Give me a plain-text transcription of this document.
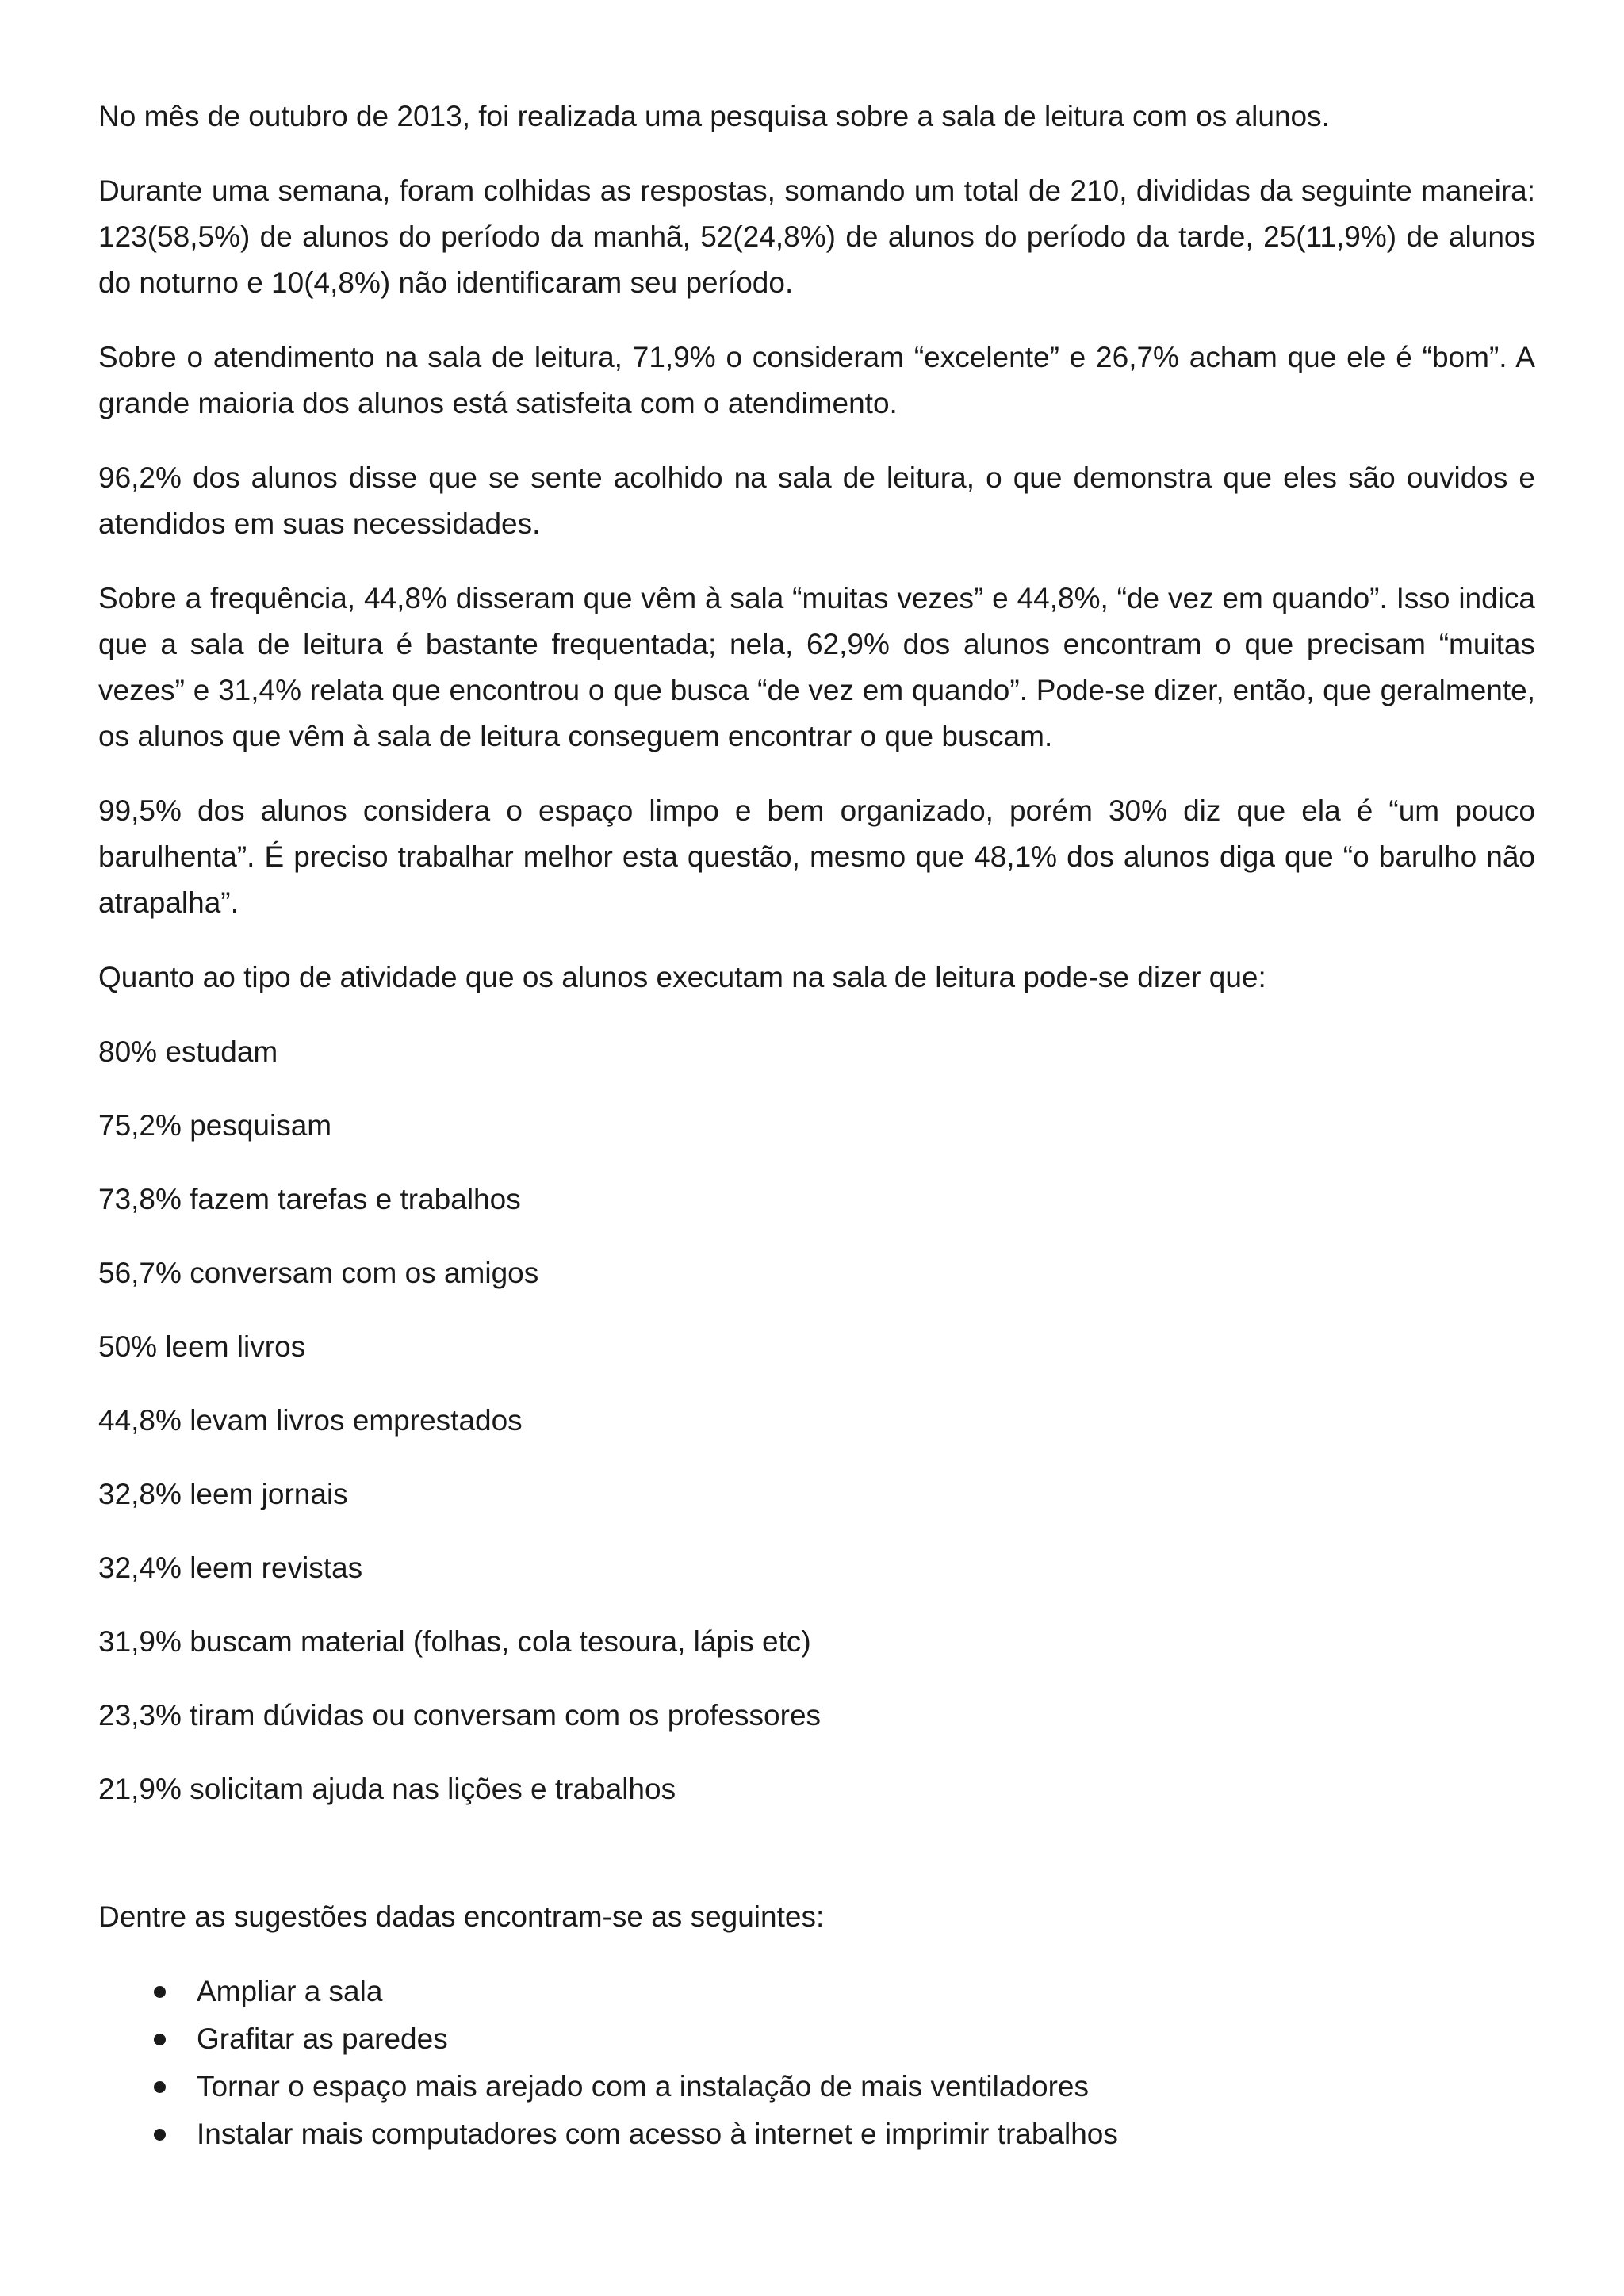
No mês de outubro de 2013, foi realizada uma pesquisa sobre a sala de leitura com os alunos.

Durante uma semana, foram colhidas as respostas, somando um total de 210, divididas da seguinte maneira: 123(58,5%) de alunos do período da manhã, 52(24,8%) de alunos do período da tarde, 25(11,9%) de alunos do noturno e 10(4,8%) não identificaram seu período.

Sobre o atendimento na sala de leitura, 71,9% o consideram “excelente” e 26,7% acham que ele é “bom”. A grande maioria dos alunos está satisfeita com o atendimento.

96,2% dos alunos disse que se sente acolhido na sala de leitura, o que demonstra que eles são ouvidos e atendidos em suas necessidades.

Sobre a frequência, 44,8% disseram que vêm à sala “muitas vezes” e 44,8%, “de vez em quando”. Isso indica que a sala de leitura é bastante frequentada; nela, 62,9% dos alunos encontram o que precisam “muitas vezes” e 31,4% relata que encontrou o que busca “de vez em quando”. Pode-se dizer, então, que geralmente, os alunos que vêm à sala de leitura conseguem encontrar o que buscam.

99,5% dos alunos considera o espaço limpo e bem organizado, porém 30% diz que ela é “um pouco barulhenta”. É preciso trabalhar melhor esta questão, mesmo que 48,1% dos alunos diga que “o barulho não atrapalha”.

Quanto ao tipo de atividade que os alunos executam na sala de leitura pode-se dizer que:

80% estudam
75,2% pesquisam
73,8% fazem tarefas e trabalhos
56,7% conversam com os amigos
50% leem livros
44,8% levam livros emprestados
32,8% leem jornais
32,4% leem revistas
31,9% buscam material (folhas, cola tesoura, lápis etc)
23,3% tiram dúvidas ou conversam com os professores
21,9% solicitam ajuda nas lições e trabalhos

Dentre as sugestões dadas encontram-se as seguintes:

Ampliar a sala
Grafitar as paredes
Tornar o espaço mais arejado com a instalação de mais ventiladores
Instalar mais computadores com acesso à internet e imprimir trabalhos
